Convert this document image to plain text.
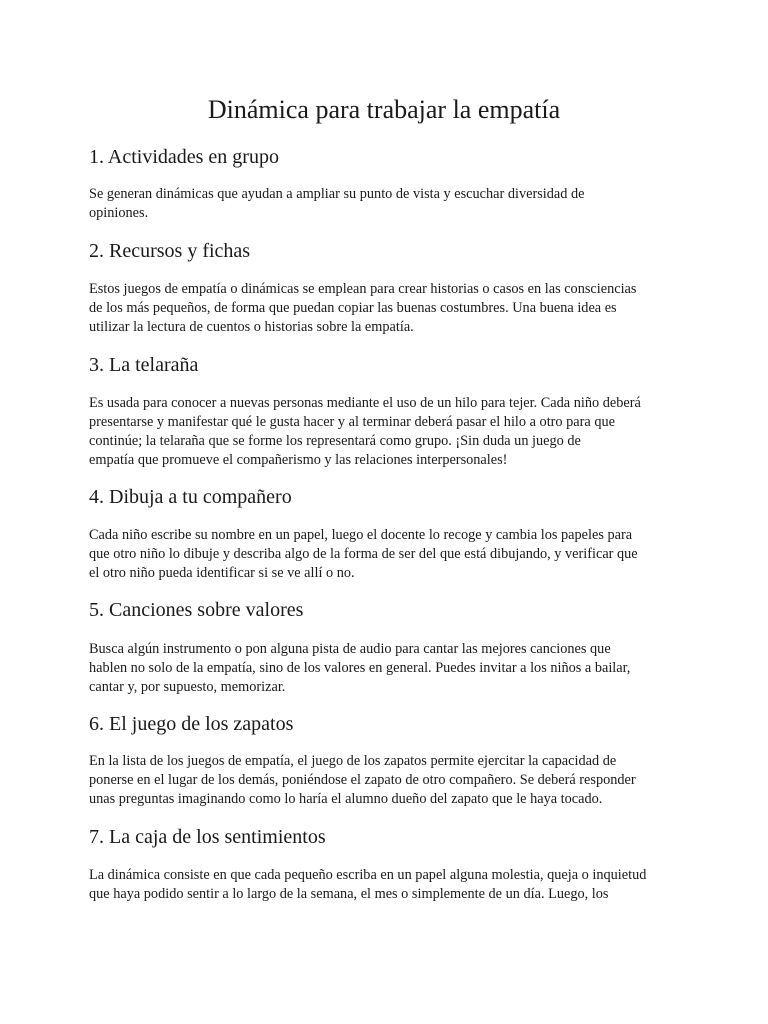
Dinámica para trabajar la empatía
1. Actividades en grupo

Se generan dinámicas que ayudan a ampliar su punto de vista y escuchar diversidad de
opiniones.

2. Recursos y fichas

Estos juegos de empatía o dinámicas se emplean para crear historias o casos en las consciencias
de los más pequeños, de forma que puedan copiar las buenas costumbres. Una buena idea es
utilizar la lectura de cuentos o historias sobre la empatía.

3. La telaraña

Es usada para conocer a nuevas personas mediante el uso de un hilo para tejer. Cada niño deberá
presentarse y manifestar qué le gusta hacer y al terminar deberá pasar el hilo a otro para que
continúe; la telaraña que se forme los representará como grupo. ¡Sin duda un juego de
empatía que promueve el compañerismo y las relaciones interpersonales!

4. Dibuja a tu compañero

Cada niño escribe su nombre en un papel, luego el docente lo recoge y cambia los papeles para
que otro niño lo dibuje y describa algo de la forma de ser del que está dibujando, y verificar que
el otro niño pueda identificar si se ve allí o no.

5. Canciones sobre valores

Busca algún instrumento o pon alguna pista de audio para cantar las mejores canciones que
hablen no solo de la empatía, sino de los valores en general. Puedes invitar a los niños a bailar,
cantar y, por supuesto, memorizar.

6. El juego de los zapatos

En la lista de los juegos de empatía, el juego de los zapatos permite ejercitar la capacidad de
ponerse en el lugar de los demás, poniéndose el zapato de otro compañero. Se deberá responder
unas preguntas imaginando como lo haría el alumno dueño del zapato que le haya tocado.

7. La caja de los sentimientos

La dinámica consiste en que cada pequeño escriba en un papel alguna molestia, queja o inquietud
que haya podido sentir a lo largo de la semana, el mes o simplemente de un día. Luego, los
